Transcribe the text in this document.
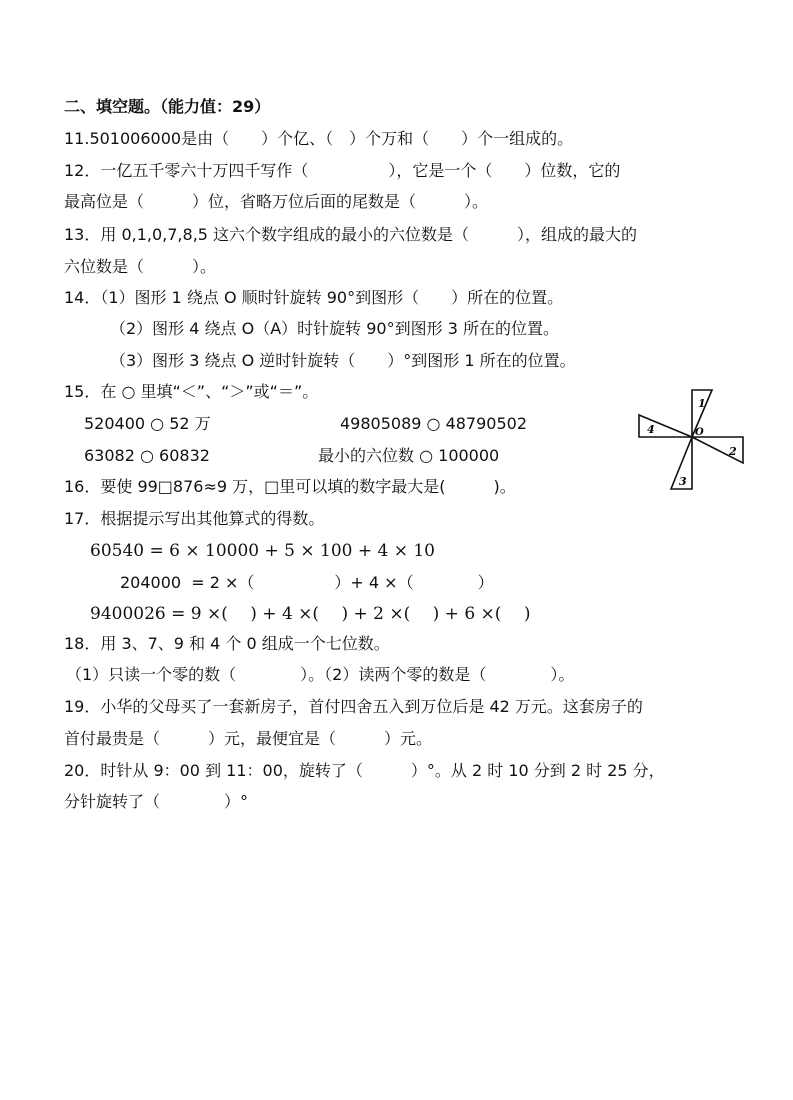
二、填空题。（能力值：29）
11.501006000是由（　　）个亿、（　）个万和（　　）个一组成的。
12．一亿五千零六十万四千写作（　　　　　），它是一个（　　）位数，它的
最高位是（　　　）位，省略万位后面的尾数是（　　　）。
13．用 0,1,0,7,8,5 这六个数字组成的最小的六位数是（　　　），组成的最大的
六位数是（　　　）。
14．（1）图形 1 绕点 O 顺时针旋转 90°到图形（　　）所在的位置。
（2）图形 4 绕点 O（A）时针旋转 90°到图形 3 所在的位置。
（3）图形 3 绕点 O 逆时针旋转（　　）°到图形 1 所在的位置。
15．在 ○ 里填“＜”、“＞”或“＝”。
520400 ○ 52 万	49805089 ○ 48790502
63082 ○ 60832	最小的六位数 ○ 100000
1
2
3
4	O
16．要使 99□876≈9 万，□里可以填的数字最大是(　　　)。
17．根据提示写出其他算式的得数。
60540 = 6 × 10000 + 5 × 100 + 4 × 10
204000  = 2 ×（　　　　　）+ 4 ×（　　　　）
9400026 = 9 ×(　 ) + 4 ×(　 ) + 2 ×(　 ) + 6 ×(　 )
18．用 3、7、9 和 4 个 0 组成一个七位数。
（1）只读一个零的数（　　　　）。（2）读两个零的数是（　　　　）。
19．小华的父母买了一套新房子，首付四舍五入到万位后是 42 万元。这套房子的
首付最贵是（　　　）元，最便宜是（　　　）元。
20．时针从 9：00 到 11：00，旋转了（　　　）°。从 2 时 10 分到 2 时 25 分，
分针旋转了（　　　　）°
